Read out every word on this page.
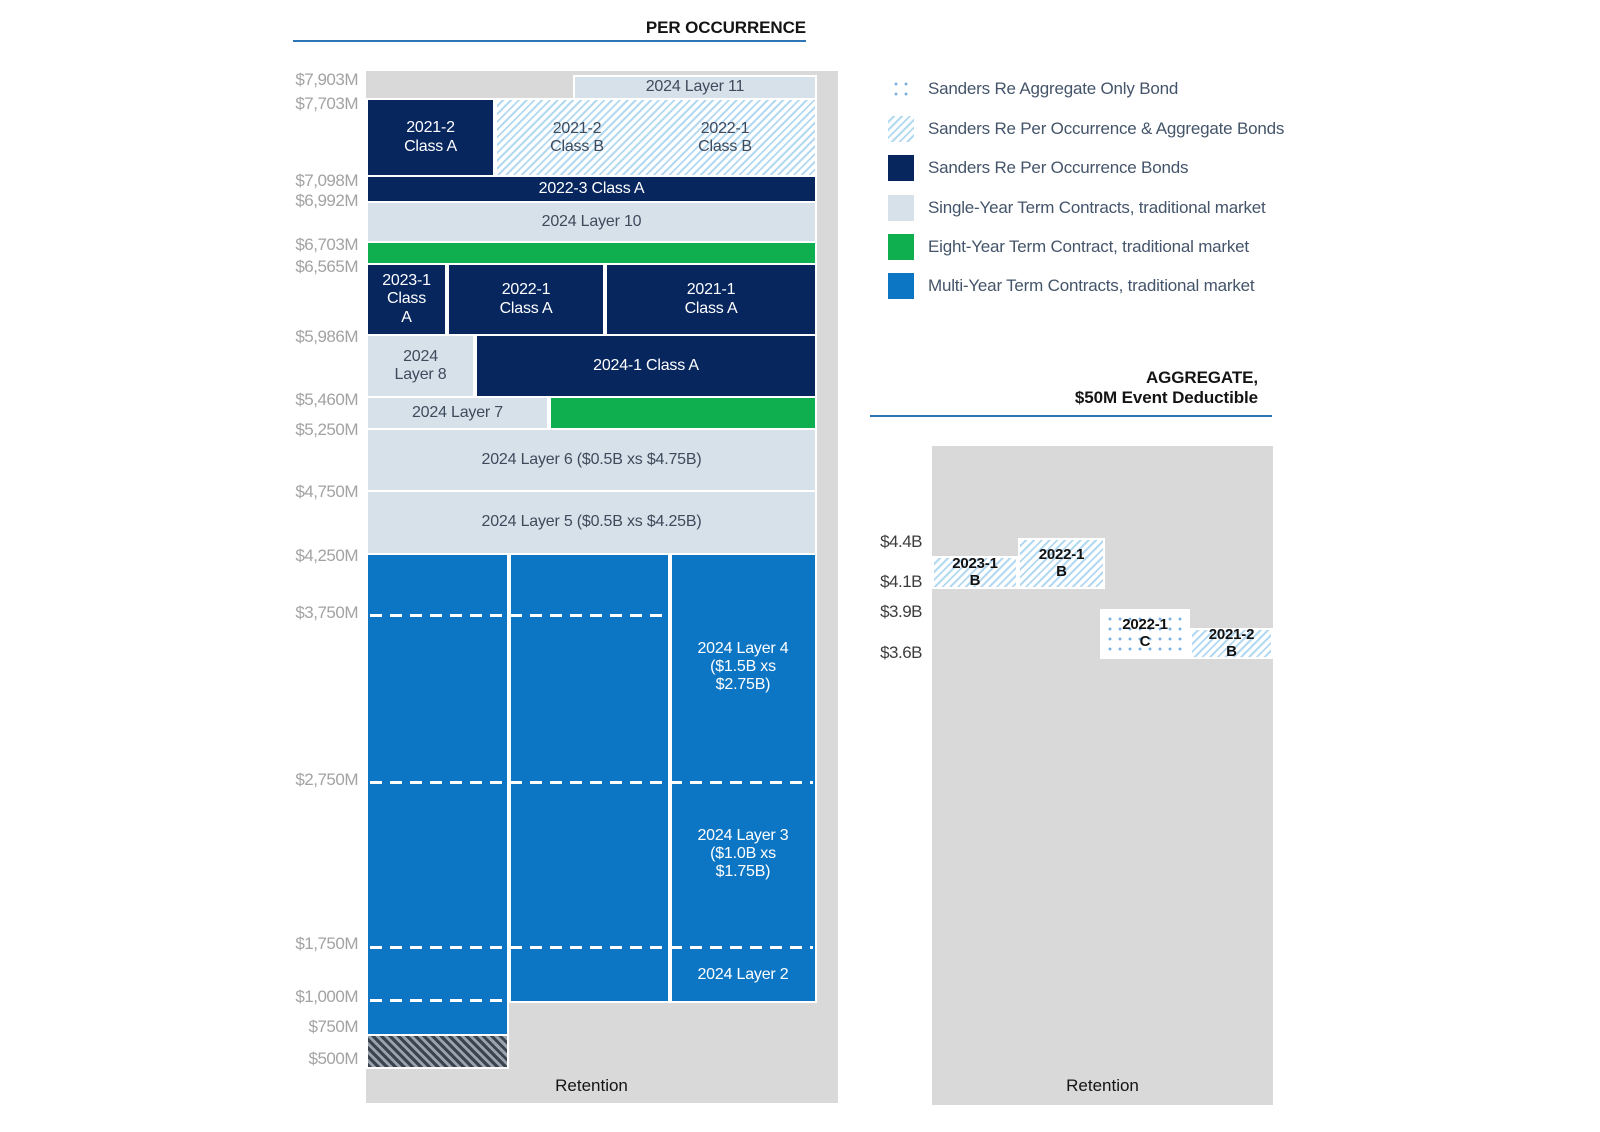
PER OCCURRENCE
2024 Layer 11
2021-2 Class A
2021-2 Class B
2022-1 Class B
2022-3 Class A
2024 Layer 10
2023-1 Class A
2022-1 Class A
2021-1 Class A
2024 Layer 8
2024-1 Class A
2024 Layer 7
2024 Layer 6 ($0.5B xs $4.75B)
2024 Layer 5 ($0.5B xs $4.25B)
2024 Layer 4 ($1.5B xs $2.75B)
2024 Layer 3 ($1.0B xs $1.75B)
2024 Layer 2
$7,903M
$7,703M
$7,098M
$6,992M
$6,703M
$6,565M
$5,986M
$5,460M
$5,250M
$4,750M
$4,250M
$3,750M
$2,750M
$1,750M
$1,000M
$750M
$500M
Retention
Sanders Re Aggregate Only Bond
Sanders Re Per Occurrence & Aggregate Bonds
Sanders Re Per Occurrence Bonds
Single-Year Term Contracts, traditional market
Eight-Year Term Contract, traditional market
Multi-Year Term Contracts, traditional market
AGGREGATE,
$50M Event Deductible
2023-1 B
2022-1 B
2022-1 C	2021-2 B
$4.4B
$4.1B
$3.9B
$3.6B
Retention
